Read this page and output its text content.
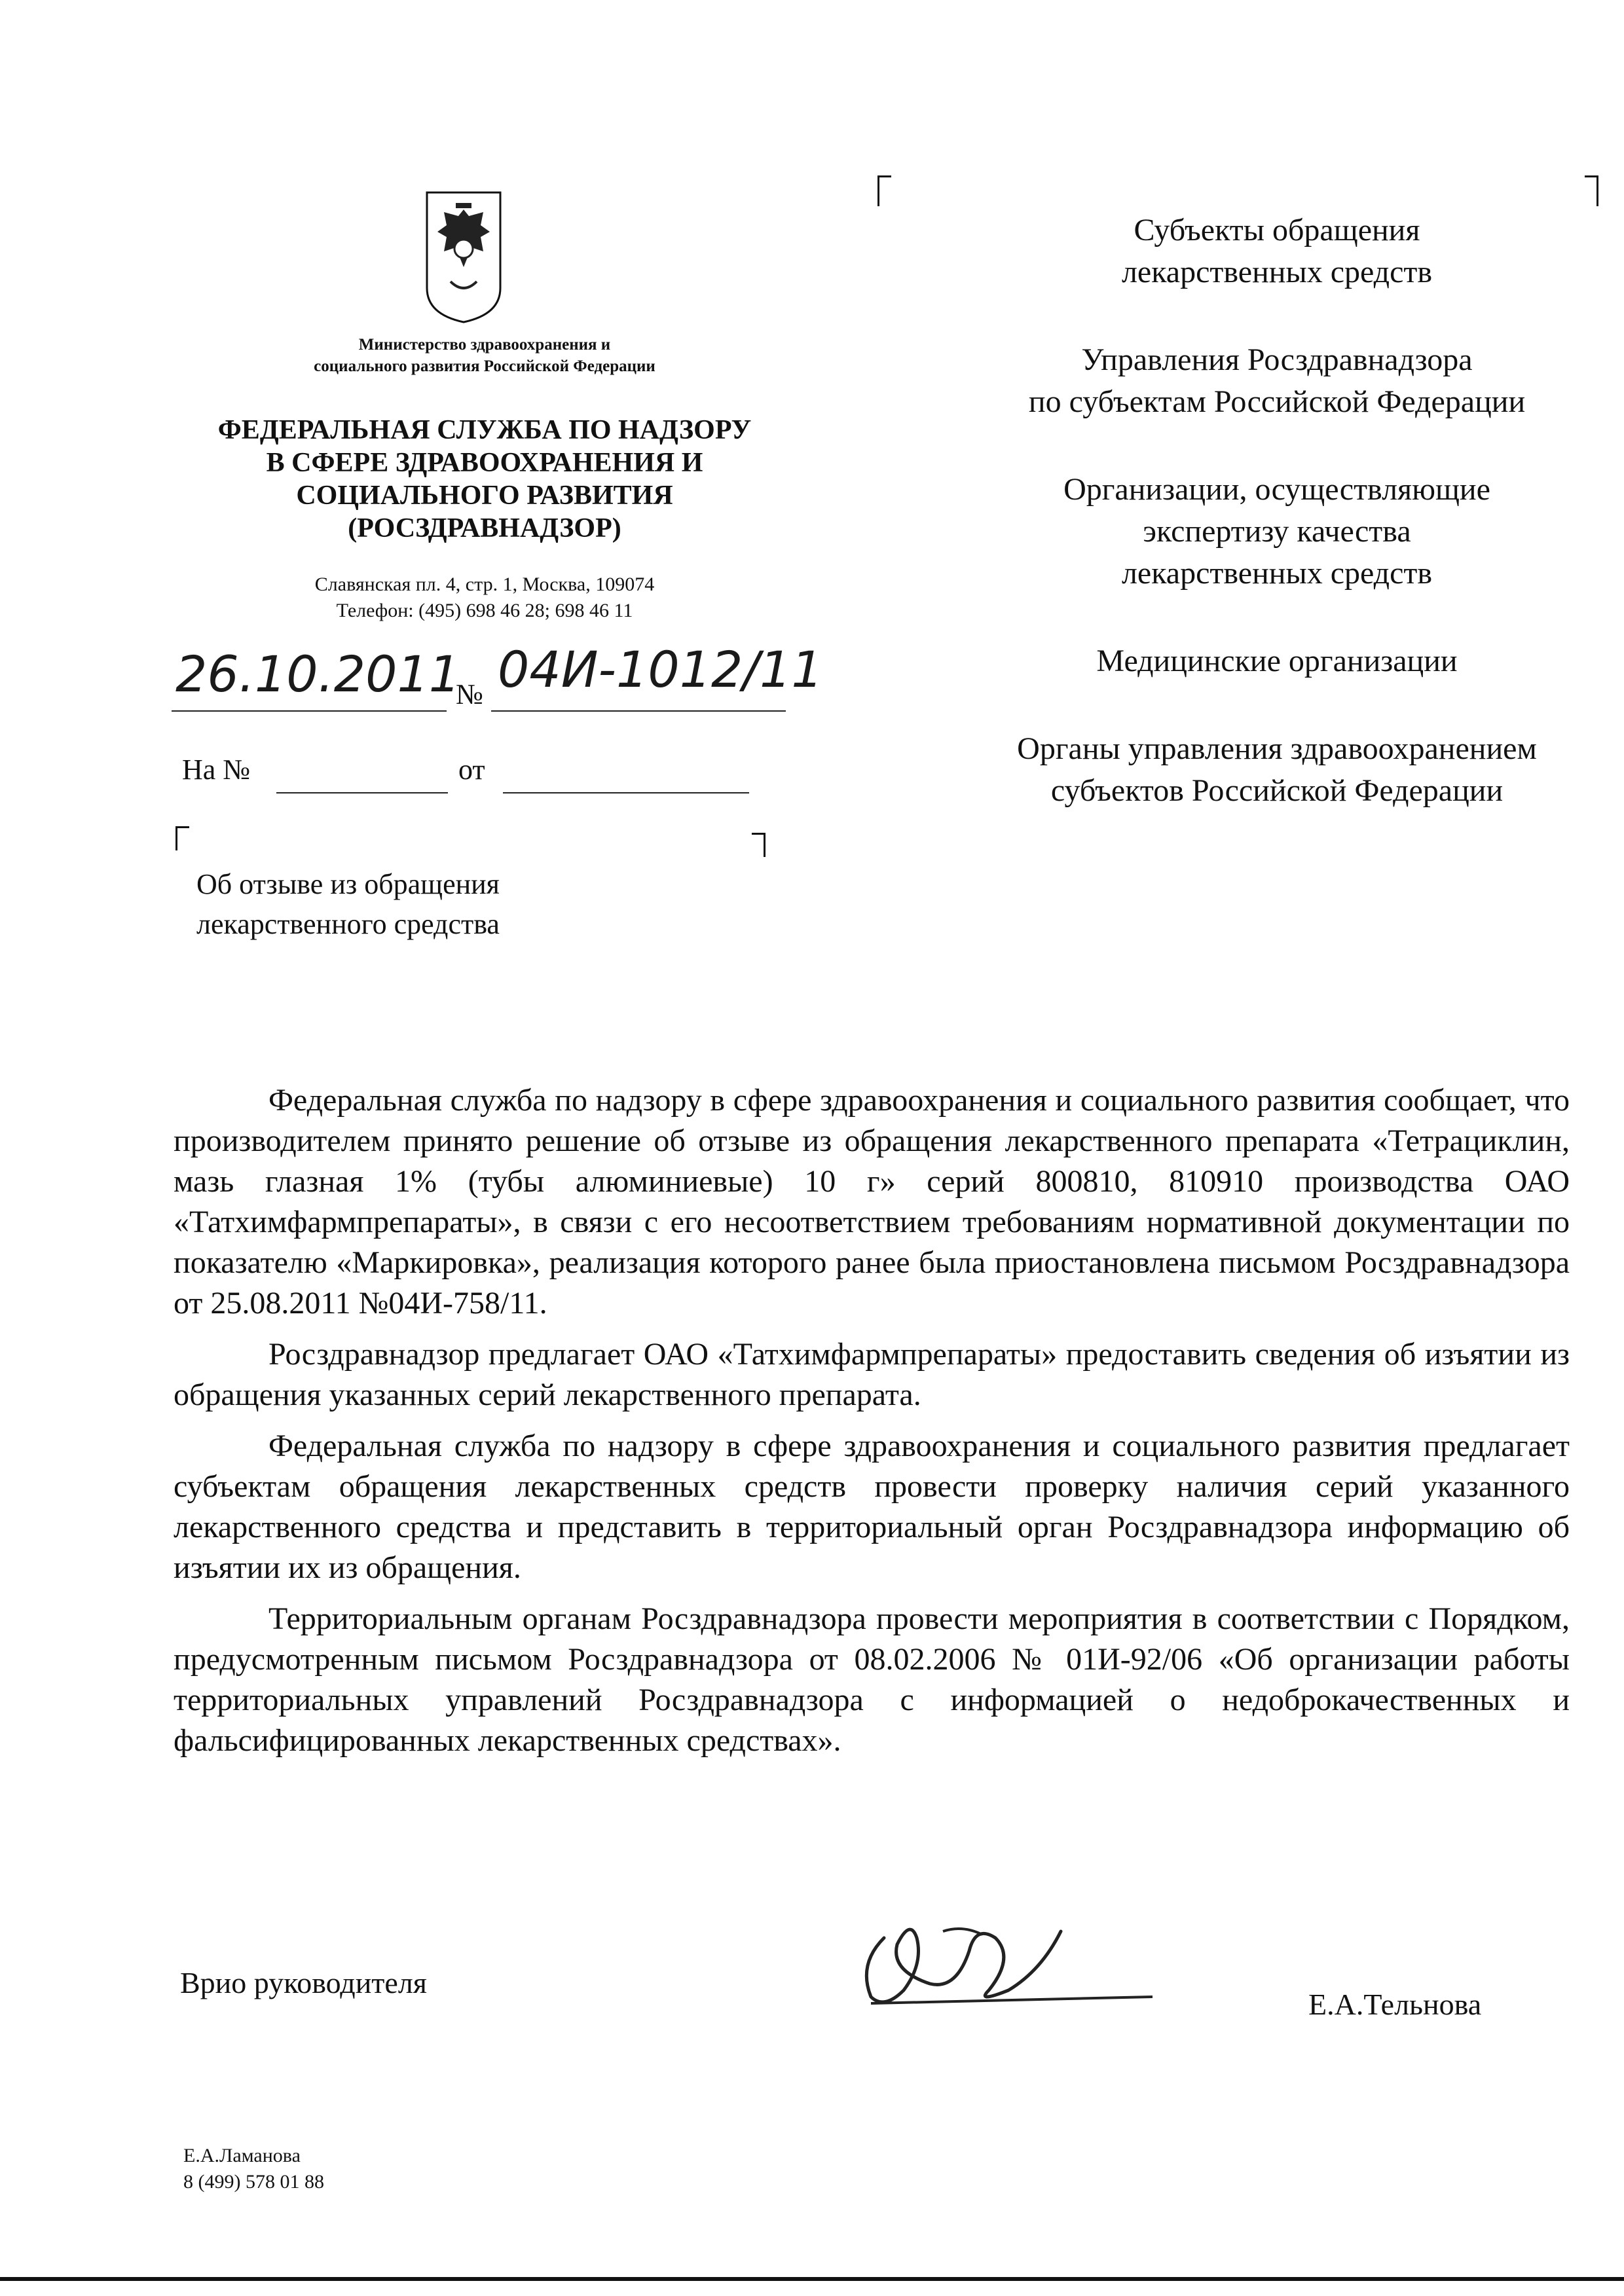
Министерство здравоохранения и
социального развития Российской Федерации
ФЕДЕРАЛЬНАЯ СЛУЖБА ПО НАДЗОРУ
В СФЕРЕ ЗДРАВООХРАНЕНИЯ И
СОЦИАЛЬНОГО РАЗВИТИЯ
(РОСЗДРАВНАДЗОР)
Славянская пл. 4, стр. 1, Москва, 109074
Телефон: (495) 698 46 28; 698 46 11
26.10.2011
№ 04И-1012/11
На №	от
Об отзыве из обращения
лекарственного средства

Субъекты обращения
лекарственных средств

Управления Росздравнадзора
по субъектам Российской Федерации

Организации, осуществляющие
экспертизу качества
лекарственных средств

Медицинские организации

Органы управления здравоохранением
субъектов Российской Федерации

Федеральная служба по надзору в сфере здравоохранения и социального развития сообщает, что производителем принято решение об отзыве из обращения лекарственного препарата «Тетрациклин, мазь глазная 1% (тубы алюминиевые) 10 г» серий 800810, 810910 производства ОАО «Татхимфармпрепараты», в связи с его несоответствием требованиям нормативной документации по показателю «Маркировка», реализация которого ранее была приостановлена письмом Росздравнадзора от 25.08.2011 №04И-758/11.

Росздравнадзор предлагает ОАО «Татхимфармпрепараты» предоставить сведения об изъятии из обращения указанных серий лекарственного препарата.

Федеральная служба по надзору в сфере здравоохранения и социального развития предлагает субъектам обращения лекарственных средств провести проверку наличия серий указанного лекарственного средства и представить в территориальный орган Росздравнадзора информацию об изъятии их из обращения.

Территориальным органам Росздравнадзора провести мероприятия в соответствии с Порядком, предусмотренным письмом Росздравнадзора от 08.02.2006 № 01И-92/06 «Об организации работы территориальных управлений Росздравнадзора с информацией о недоброкачественных и фальсифицированных лекарственных средствах».

Врио руководителя
Е.А.Тельнова
Е.А.Ламанова
8 (499) 578 01 88
